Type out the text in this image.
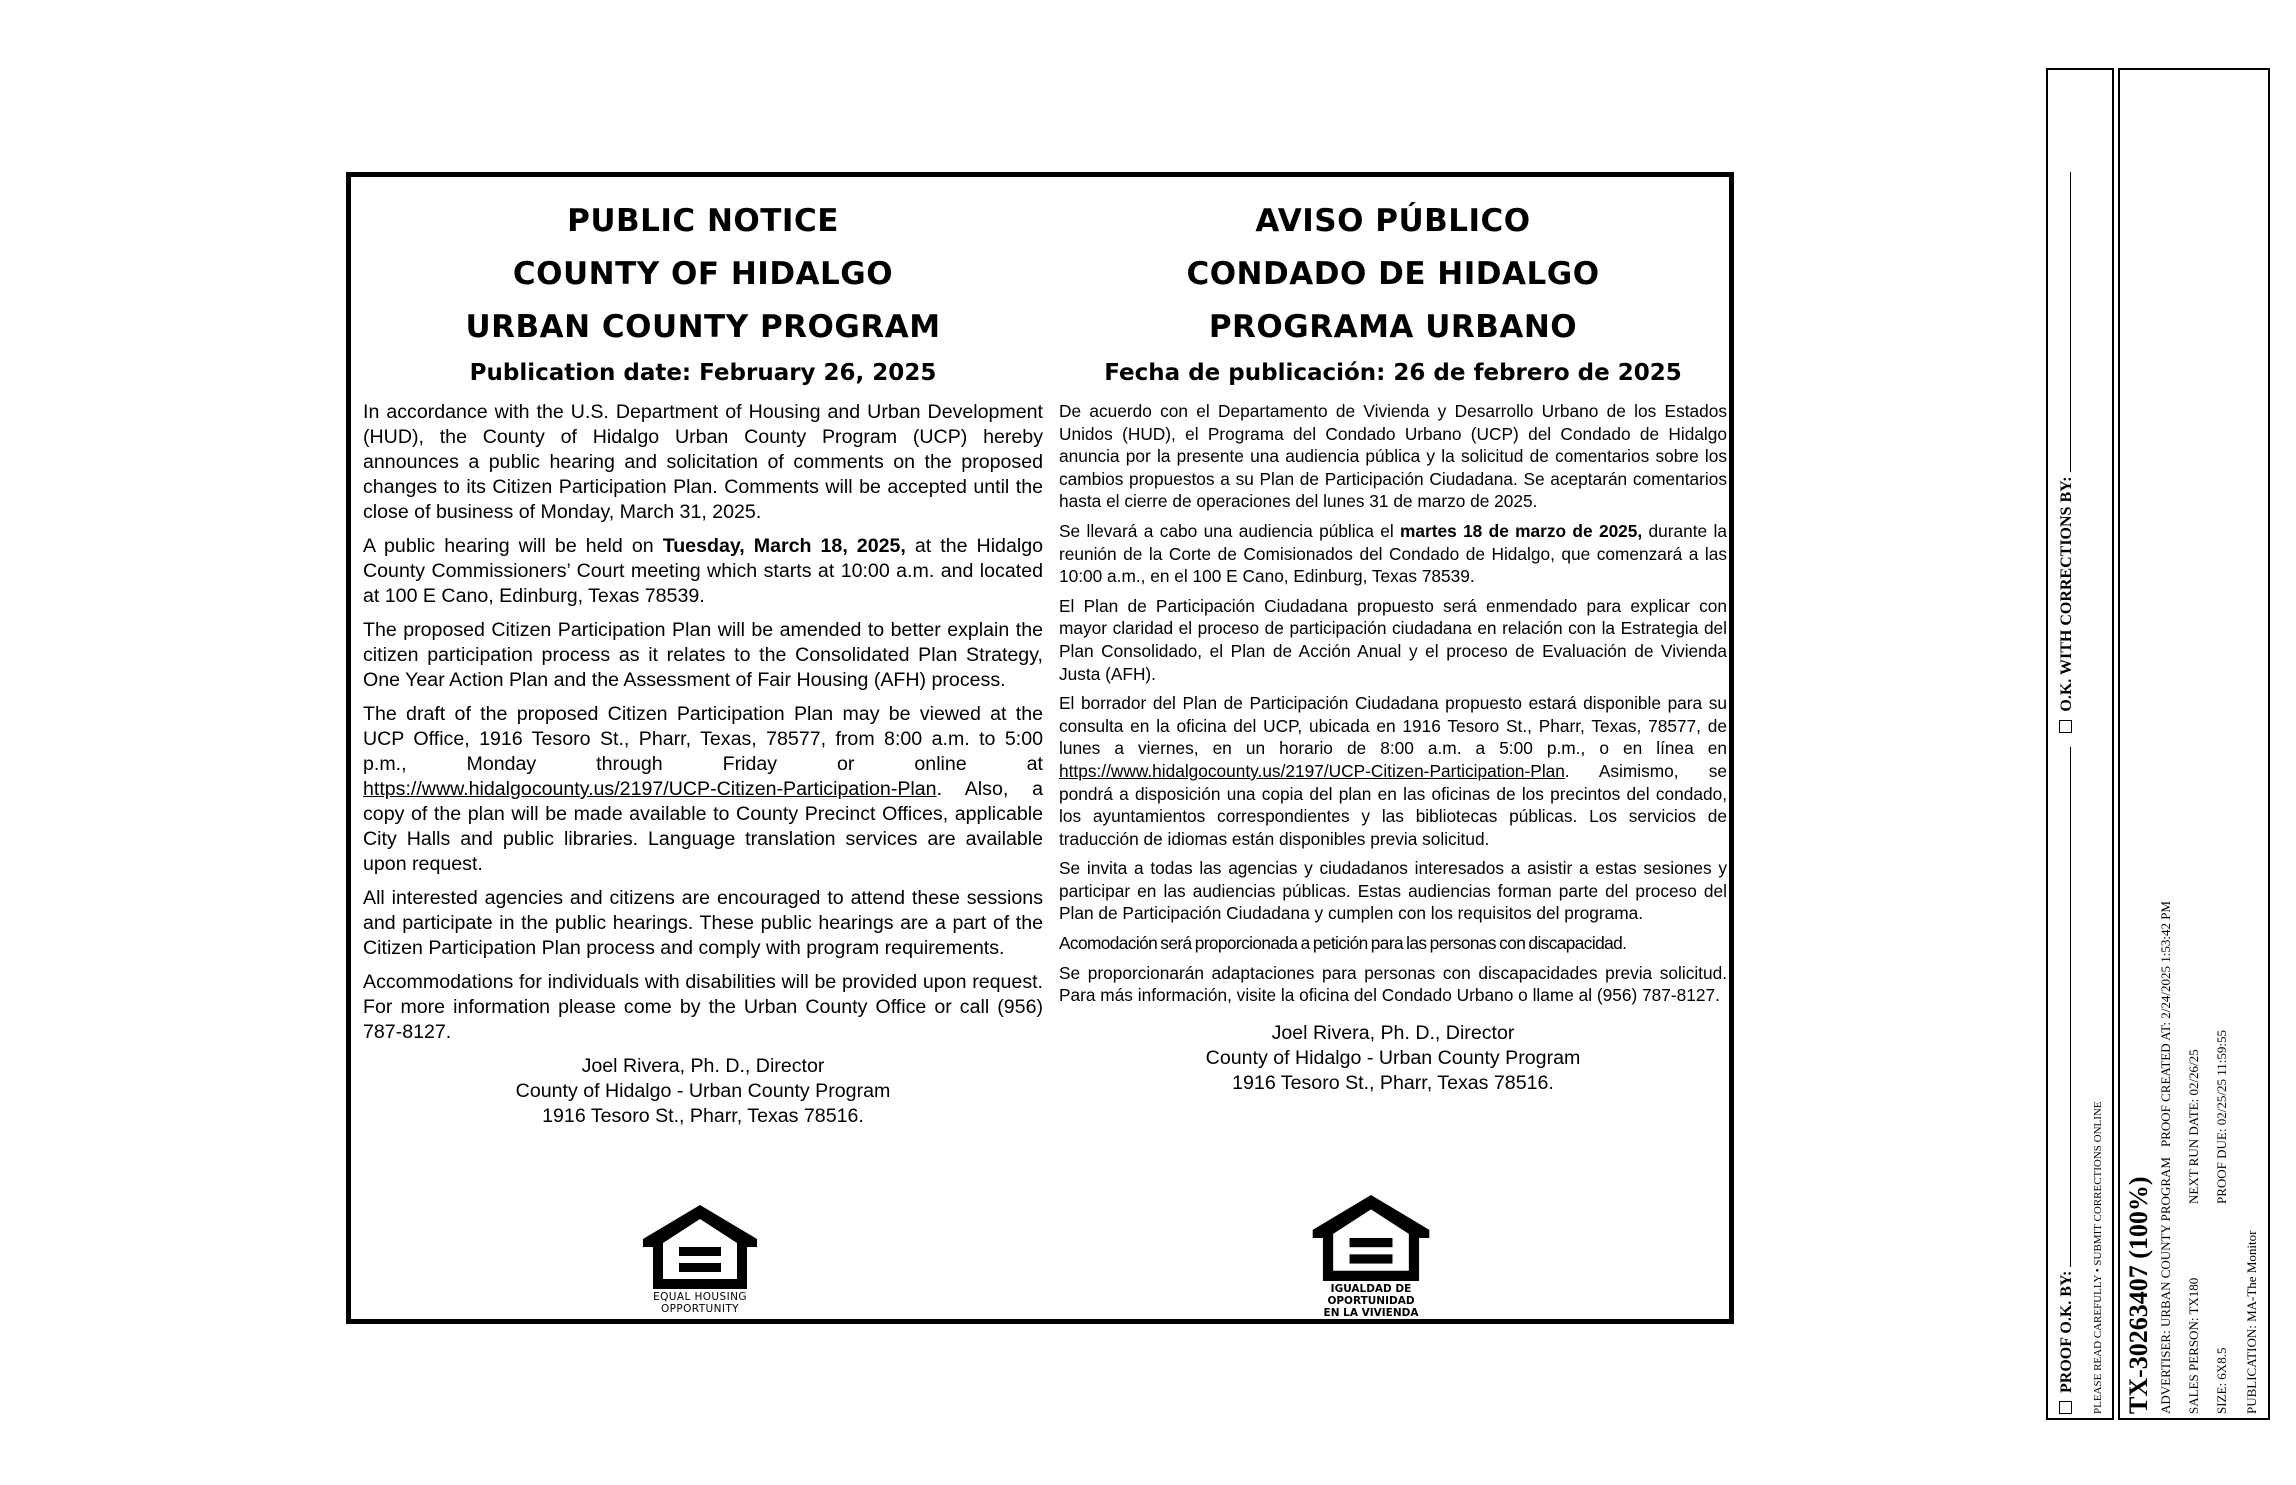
PUBLIC NOTICE
COUNTY OF HIDALGO
URBAN COUNTY PROGRAM
Publication date: February 26, 2025

In accordance with the U.S. Department of Housing and Urban Development (HUD), the County of Hidalgo Urban County Program (UCP) hereby announces a public hearing and solicitation of comments on the proposed changes to its Citizen Participation Plan. Comments will be accepted until the close of business of Monday, March 31, 2025.

A public hearing will be held on Tuesday, March 18, 2025, at the Hidalgo County Commissioners’ Court meeting which starts at 10:00 a.m. and located at 100 E Cano, Edinburg, Texas 78539.

The proposed Citizen Participation Plan will be amended to better explain the citizen participation process as it relates to the Consolidated Plan Strategy, One Year Action Plan and the Assessment of Fair Housing (AFH) process.

The draft of the proposed Citizen Participation Plan may be viewed at the UCP Office, 1916 Tesoro St., Pharr, Texas, 78577, from 8:00 a.m. to 5:00 p.m., Monday through Friday or online at https://www.hidalgocounty.us/2197/UCP-Citizen-Participation-Plan. Also, a copy of the plan will be made available to County Precinct Offices, applicable City Halls and public libraries. Language translation services are available upon request.

All interested agencies and citizens are encouraged to attend these sessions and participate in the public hearings. These public hearings are a part of the Citizen Participation Plan process and comply with program requirements.

Accommodations for individuals with disabilities will be provided upon request. For more information please come by the Urban County Office or call (956) 787-8127.

Joel Rivera, Ph. D., Director
County of Hidalgo - Urban County Program
1916 Tesoro St., Pharr, Texas 78516.
EQUAL HOUSING
OPPORTUNITY
AVISO PÚBLICO
CONDADO DE HIDALGO
PROGRAMA URBANO
Fecha de publicación: 26 de febrero de 2025

De acuerdo con el Departamento de Vivienda y Desarrollo Urbano de los Estados Unidos (HUD), el Programa del Condado Urbano (UCP) del Condado de Hidalgo anuncia por la presente una audiencia pública y la solicitud de comentarios sobre los cambios propuestos a su Plan de Participación Ciudadana. Se aceptarán comentarios hasta el cierre de operaciones del lunes 31 de marzo de 2025.

Se llevará a cabo una audiencia pública el martes 18 de marzo de 2025, durante la reunión de la Corte de Comisionados del Condado de Hidalgo, que comenzará a las 10:00 a.m., en el 100 E Cano, Edinburg, Texas 78539.

El Plan de Participación Ciudadana propuesto será enmendado para explicar con mayor claridad el proceso de participación ciudadana en relación con la Estrategia del Plan Consolidado, el Plan de Acción Anual y el proceso de Evaluación de Vivienda Justa (AFH).

El borrador del Plan de Participación Ciudadana propuesto estará disponible para su consulta en la oficina del UCP, ubicada en 1916 Tesoro St., Pharr, Texas, 78577, de lunes a viernes, en un horario de 8:00 a.m. a 5:00 p.m., o en línea en https://www.hidalgocounty.us/2197/UCP-Citizen-Participation-Plan. Asimismo, se pondrá a disposición una copia del plan en las oficinas de los precintos del condado, los ayuntamientos correspondientes y las bibliotecas públicas. Los servicios de traducción de idiomas están disponibles previa solicitud.

Se invita a todas las agencias y ciudadanos interesados a asistir a estas sesiones y participar en las audiencias públicas. Estas audiencias forman parte del proceso del Plan de Participación Ciudadana y cumplen con los requisitos del programa.

Acomodación será proporcionada a petición para las personas con discapacidad.

Se proporcionarán adaptaciones para personas con discapacidades previa solicitud. Para más información, visite la oficina del Condado Urbano o llame al (956) 787-8127.

Joel Rivera, Ph. D., Director
County of Hidalgo - Urban County Program
1916 Tesoro St., Pharr, Texas 78516.
IGUALDAD DE
OPORTUNIDAD
EN LA VIVIENDA	PROOF O.K. BY:   O.K. WITH CORRECTIONS BY:
PLEASE READ CAREFULLY • SUBMIT CORRECTIONS ONLINE TX-30263407 (100%) ADVERTISER: URBAN COUNTY PROGRAMPROOF CREATED AT: 2/24/2025 1:53:42 PM
SALES PERSON: TX180NEXT RUN DATE: 02/26/25
SIZE: 6X8.5PROOF DUE: 02/25/25 11:59:55
PUBLICATION: MA-The Monitor
